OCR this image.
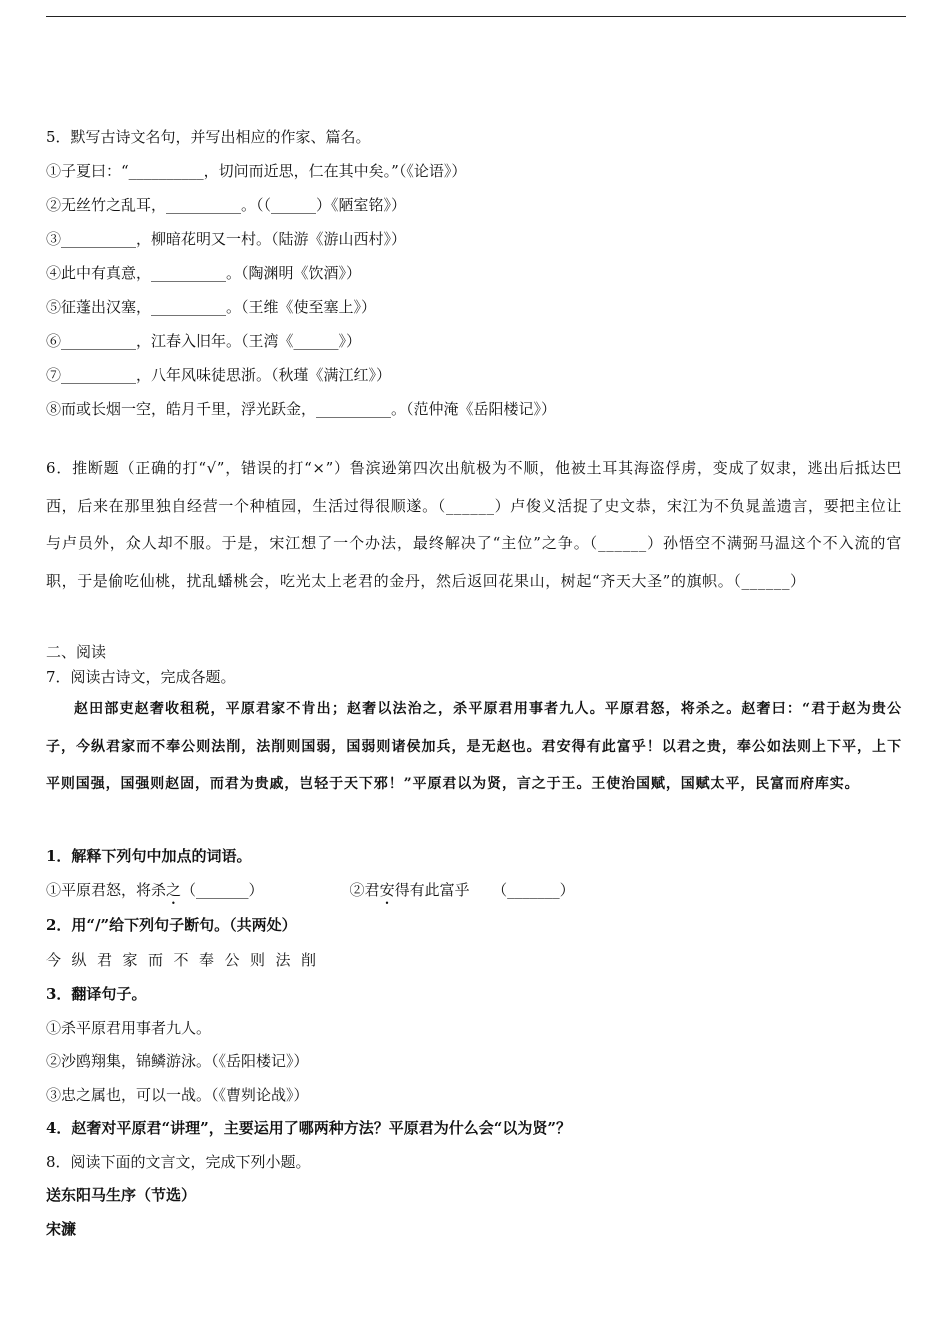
5．默写古诗文名句，并写出相应的作家、篇名。
①子夏曰：“__________，切问而近思，仁在其中矣。”（《论语》）
②无丝竹之乱耳，__________。（（______）《陋室铭》）
③__________，柳暗花明又一村。（陆游《游山西村》）
④此中有真意，__________。（陶渊明《饮酒》）
⑤征蓬出汉塞，__________。（王维《使至塞上》）
⑥__________，江春入旧年。（王湾《______》）
⑦__________，八年风味徒思浙。（秋瑾《满江红》）
⑧而或长烟一空，皓月千里，浮光跃金，__________。（范仲淹《岳阳楼记》）
6．推断题（正确的打“√”，错误的打“×”）鲁滨逊第四次出航极为不顺，他被土耳其海盗俘虏，变成了奴隶，逃出后抵达巴西，后来在那里独自经营一个种植园，生活过得很顺遂。（______）卢俊义活捉了史文恭，宋江为不负晁盖遗言，要把主位让与卢员外，众人却不服。于是，宋江想了一个办法，最终解决了“主位”之争。（______）孙悟空不满弼马温这个不入流的官职，于是偷吃仙桃，扰乱蟠桃会，吃光太上老君的金丹，然后返回花果山，树起“齐天大圣”的旗帜。（______）
二、阅读
7．阅读古诗文，完成各题。
赵田部吏赵奢收租税，平原君家不肯出；赵奢以法治之，杀平原君用事者九人。平原君怒，将杀之。赵奢曰：“君于赵为贵公子，今纵君家而不奉公则法削，法削则国弱，国弱则诸侯加兵，是无赵也。君安得有此富乎！以君之贵，奉公如法则上下平，上下平则国强，国强则赵固，而君为贵戚，岂轻于天下邪！”平原君以为贤，言之于王。王使治国赋，国赋太平，民富而府库实。
1．解释下列句中加点的词语。
①平原君怒，将杀之（_______）	②君安得有此富乎　　（_______）
2．用“/”给下列句子断句。（共两处）
今纵君家而不奉公则法削
3．翻译句子。
①杀平原君用事者九人。
②沙鸥翔集，锦鳞游泳。（《岳阳楼记》）
③忠之属也，可以一战。（《曹刿论战》）
4．赵奢对平原君“讲理”，主要运用了哪两种方法？平原君为什么会“以为贤”？
8．阅读下面的文言文，完成下列小题。
送东阳马生序（节选）
宋濂
